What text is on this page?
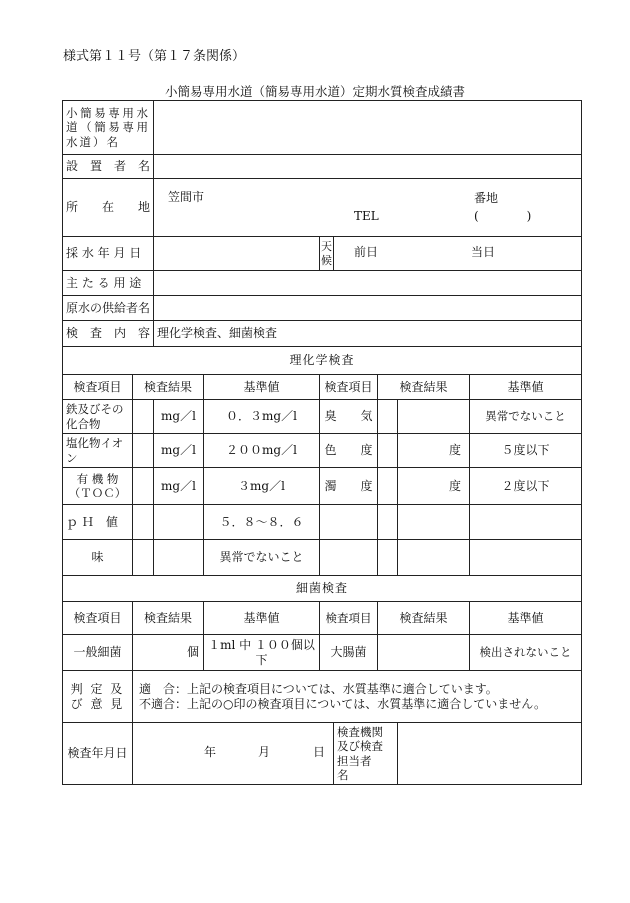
様式第１１号（第１７条関係）
小簡易専用水道（簡易専用水道）定期水質検査成績書
小簡易専用水道（簡易専用水道）名								
設　置　者　名								
所　　在　　地		笠間市 番地
TEL (　　　　)						

採 水 年 月 日				天候	前日 当日			

主 た る 用 途								
原水の供給者名								
検　査　内　容		理化学検査、細菌検査						
理化学検査								
検査項目	検査結果		基準値	検査項目		検査結果		基準値
鉄及びその化合物		mg／l	０．３mg／l	臭　　気				異常でないこと
塩化物イオン		mg／l	２００mg／l	色　　度			度	５度以下
有 機 物（ＴＯＣ）		mg／l	３mg／l	濁　　度			度	２度以下
ｐ Ｈ　値			５．８～８．６					
味			異常でないこと					
細菌検査								
検査項目	検査結果		基準値	検査項目		検査結果		基準値
一般細菌	個		１ml 中 １００個以下	大腸菌				検出されないこと
判 定 及 び 意 見	適　合：上記の検査項目については、水質基準に適合しています。
不適合：上記の○印の検査項目については、水質基準に適合していません。							

検査年月日	年 月 日				検査機関及び検査担当者　　名			
